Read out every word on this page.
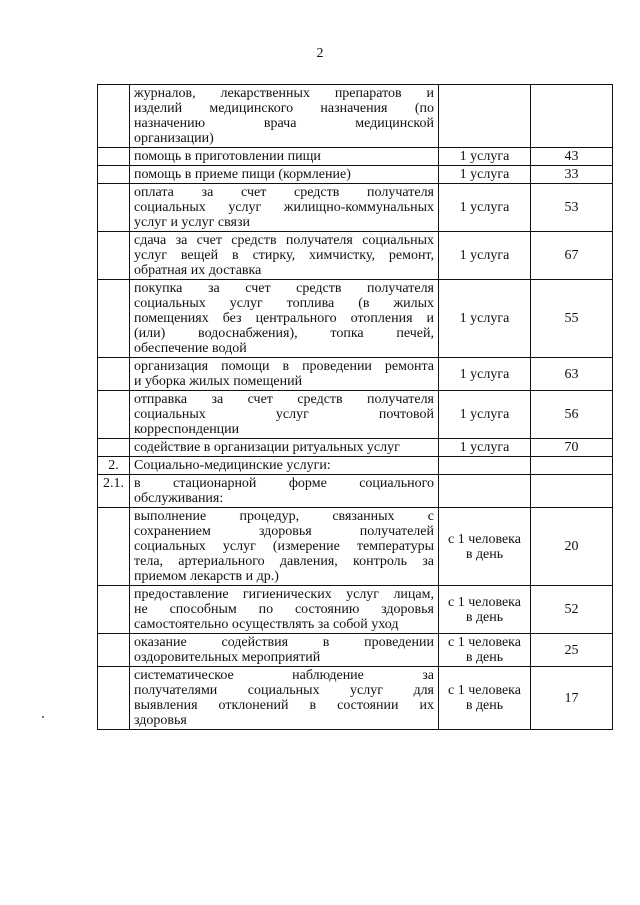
2

	журналов, лекарственных препаратов и
изделий медицинского назначения (по
назначению врача медицинской
организации)		

	помощь в приготовлении пищи	1 услуга	43

	помощь в приеме пищи (кормление)	1 услуга	33

	оплата за счет средств получателя
социальных услуг жилищно-коммунальных
услуг и услуг связи	1 услуга	53

	сдача за счет средств получателя социальных
услуг вещей в стирку, химчистку, ремонт,
обратная их доставка	1 услуга	67

	покупка за счет средств получателя
социальных услуг топлива (в жилых
помещениях без центрального отопления и
(или) водоснабжения), топка печей,
обеспечение водой	1 услуга	55

	организация помощи в проведении ремонта
и уборка жилых помещений	1 услуга	63

	отправка за счет средств получателя
социальных услуг почтовой
корреспонденции	1 услуга	56

	содействие в организации ритуальных услуг	1 услуга	70
2.	Социально-медицинские услуги:		

2.1.	в стационарной форме социального
обслуживания:		

	выполнение процедур, связанных с
сохранением здоровья получателей
социальных услуг (измерение температуры
тела, артериального давления, контроль за
приемом лекарств и др.)	с 1 человека в день	20

	предоставление гигиенических услуг лицам,
не способным по состоянию здоровья
самостоятельно осуществлять за собой уход	с 1 человека в день	52

	оказание содействия в проведении
оздоровительных мероприятий	с 1 человека в день	25

	систематическое наблюдение за
получателями социальных услуг для
выявления отклонений в состоянии их
здоровья	с 1 человека в день	17
